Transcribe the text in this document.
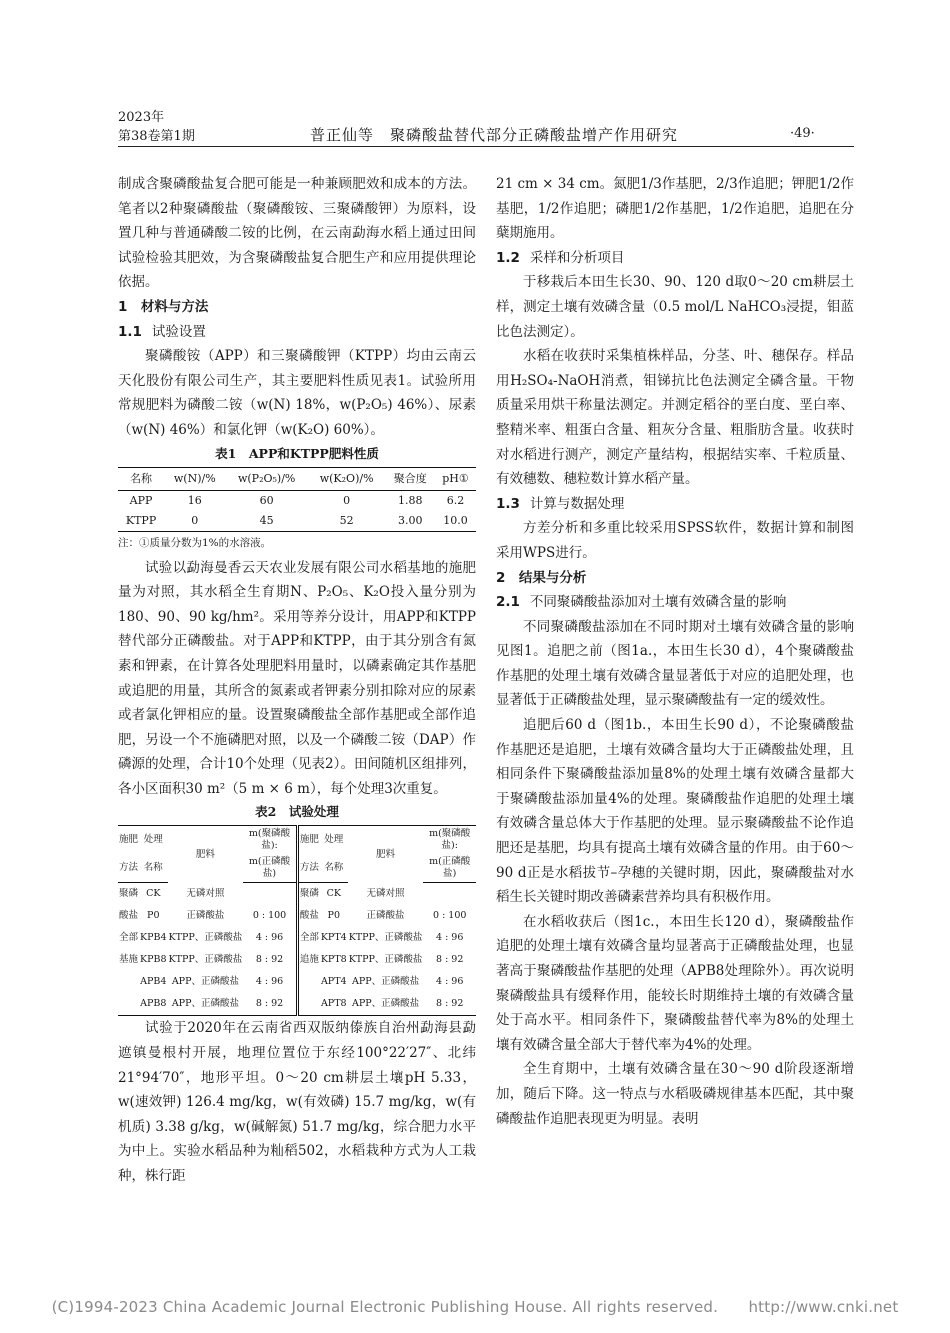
2023年
第38卷第1期	普正仙等　聚磷酸盐替代部分正磷酸盐增产作用研究	·49·

制成含聚磷酸盐复合肥可能是一种兼顾肥效和成本的方法。笔者以2种聚磷酸盐（聚磷酸铵、三聚磷酸钾）为原料，设置几种与普通磷酸二铵的比例，在云南勐海水稻上通过田间试验检验其肥效，为含聚磷酸盐复合肥生产和应用提供理论依据。

1　材料与方法

1.1 试验设置

聚磷酸铵（APP）和三聚磷酸钾（KTPP）均由云南云天化股份有限公司生产，其主要肥料性质见表1。试验所用常规肥料为磷酸二铵（w(N) 18%，w(P₂O₅) 46%）、尿素（w(N) 46%）和氯化钾（w(K₂O) 60%）。

表1　APP和KTPP肥料性质
名称	w(N)/%	w(P₂O₅)/%	w(K₂O)/%	聚合度	pH①
APP	16	60	0	1.88	6.2
KTPP	0	45	52	3.00	10.0
注：①质量分数为1%的水溶液。

试验以勐海曼香云天农业发展有限公司水稻基地的施肥量为对照，其水稻全生育期N、P₂O₅、K₂O投入量分别为180、90、90 kg/hm²。采用等养分设计，用APP和KTPP替代部分正磷酸盐。对于APP和KTPP，由于其分别含有氮素和钾素，在计算各处理肥料用量时，以磷素确定其作基肥或追肥的用量，其所含的氮素或者钾素分别扣除对应的尿素或者氯化钾相应的量。设置聚磷酸盐全部作基肥或全部作追肥，另设一个不施磷肥对照，以及一个磷酸二铵（DAP）作磷源的处理，合计10个处理（见表2）。田间随机区组排列，各小区面积30 m²（5 m × 6 m），每个处理3次重复。

表2　试验处理
施肥	处理	肥料	m(聚磷酸盐):	施肥	处理	肥料	m(聚磷酸盐):
方法	名称		m(正磷酸盐)	方法	名称		m(正磷酸盐)
聚磷	CK	无磷对照		聚磷	CK	无磷对照	
酸盐	P0	正磷酸盐	0 : 100	酸盐	P0	正磷酸盐	0 : 100
全部	KPB4	KTPP、正磷酸盐	4 : 96	全部	KPT4	KTPP、正磷酸盐	4 : 96
基施	KPB8	KTPP、正磷酸盐	8 : 92	追施	KPT8	KTPP、正磷酸盐	8 : 92
	APB4	APP、正磷酸盐	4 : 96		APT4	APP、正磷酸盐	4 : 96
	APB8	APP、正磷酸盐	8 : 92		APT8	APP、正磷酸盐	8 : 92

试验于2020年在云南省西双版纳傣族自治州勐海县勐遮镇曼根村开展，地理位置位于东经100°22′27″、北纬21°94′70″，地形平坦。0～20 cm耕层土壤pH 5.33，w(速效钾) 126.4 mg/kg，w(有效磷) 15.7 mg/kg，w(有机质) 3.38 g/kg，w(碱解氮) 51.7 mg/kg，综合肥力水平为中上。实验水稻品种为籼稻502，水稻栽种方式为人工栽种，株行距

21 cm × 34 cm。氮肥1/3作基肥，2/3作追肥；钾肥1/2作基肥，1/2作追肥；磷肥1/2作基肥，1/2作追肥，追肥在分蘖期施用。

1.2 采样和分析项目

于移栽后本田生长30、90、120 d取0～20 cm耕层土样，测定土壤有效磷含量（0.5 mol/L NaHCO₃浸提，钼蓝比色法测定）。

水稻在收获时采集植株样品，分茎、叶、穗保存。样品用H₂SO₄-NaOH消煮，钼锑抗比色法测定全磷含量。干物质量采用烘干称量法测定。并测定稻谷的垩白度、垩白率、整精米率、粗蛋白含量、粗灰分含量、粗脂肪含量。收获时对水稻进行测产，测定产量结构，根据结实率、千粒质量、有效穗数、穗粒数计算水稻产量。

1.3 计算与数据处理

方差分析和多重比较采用SPSS软件，数据计算和制图采用WPS进行。

2　结果与分析

2.1 不同聚磷酸盐添加对土壤有效磷含量的影响

不同聚磷酸盐添加在不同时期对土壤有效磷含量的影响见图1。追肥之前（图1a.，本田生长30 d），4个聚磷酸盐作基肥的处理土壤有效磷含量显著低于对应的追肥处理，也显著低于正磷酸盐处理，显示聚磷酸盐有一定的缓效性。

追肥后60 d（图1b.，本田生长90 d），不论聚磷酸盐作基肥还是追肥，土壤有效磷含量均大于正磷酸盐处理，且相同条件下聚磷酸盐添加量8%的处理土壤有效磷含量都大于聚磷酸盐添加量4%的处理。聚磷酸盐作追肥的处理土壤有效磷含量总体大于作基肥的处理。显示聚磷酸盐不论作追肥还是基肥，均具有提高土壤有效磷含量的作用。由于60～90 d正是水稻拔节–孕穗的关键时期，因此，聚磷酸盐对水稻生长关键时期改善磷素营养均具有积极作用。

在水稻收获后（图1c.，本田生长120 d），聚磷酸盐作追肥的处理土壤有效磷含量均显著高于正磷酸盐处理，也显著高于聚磷酸盐作基肥的处理（APB8处理除外）。再次说明聚磷酸盐具有缓释作用，能较长时期维持土壤的有效磷含量处于高水平。相同条件下，聚磷酸盐替代率为8%的处理土壤有效磷含量全部大于替代率为4%的处理。

全生育期中，土壤有效磷含量在30～90 d阶段逐渐增加，随后下降。这一特点与水稻吸磷规律基本匹配，其中聚磷酸盐作追肥表现更为明显。表明

(C)1994-2023 China Academic Journal Electronic Publishing House. All rights reserved.　　http://www.cnki.net
